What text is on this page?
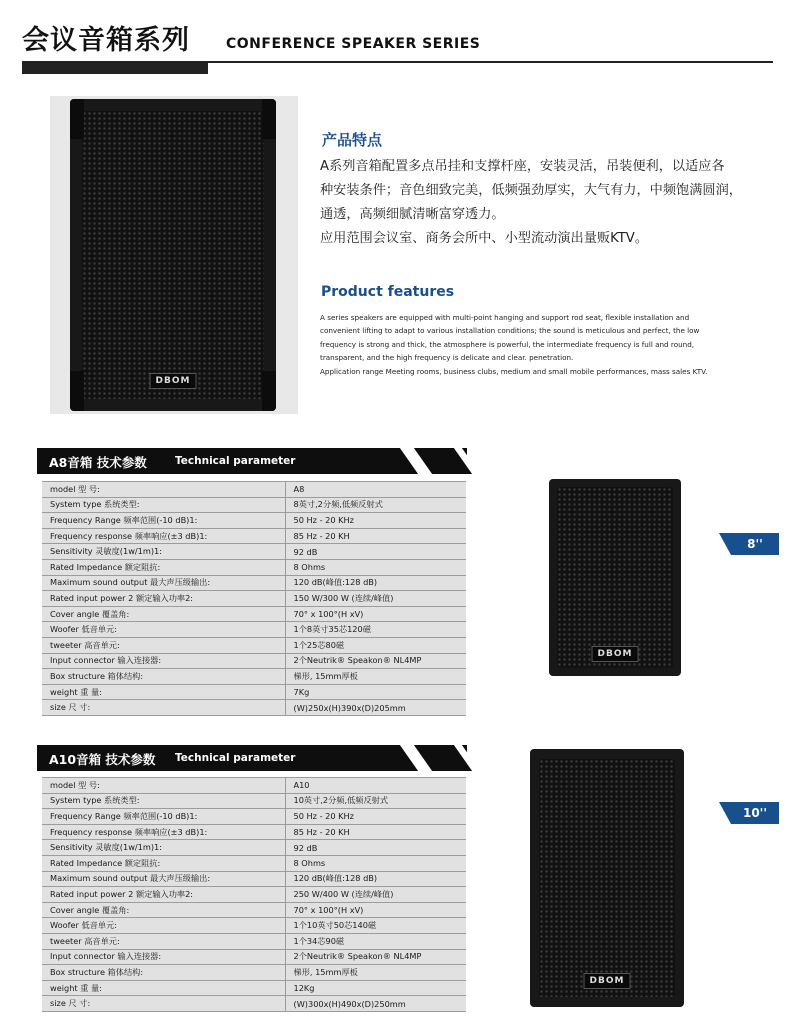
会议音箱系列	CONFERENCE SPEAKER SERIES
DBOM
产品特点

A系列音箱配置多点吊挂和支撑杆座，安装灵活，吊装便利，以适应各

种安装条件；音色细致完美，低频强劲厚实，大气有力，中频饱满圆润，

通透，高频细腻清晰富穿透力。

应用范围会议室、商务会所中、小型流动演出量贩KTV。

Product features

A series speakers are equipped with multi-point hanging and support rod seat, flexible installation and

convenient lifting to adapt to various installation conditions; the sound is meticulous and perfect, the low

frequency is strong and thick, the atmosphere is powerful, the intermediate frequency is full and round,

transparent, and the high frequency is delicate and clear. penetration.

Application range Meeting rooms, business clubs, medium and small mobile performances, mass sales KTV.

A8音箱 技术参数	Technical parameter
model 型 号:	A8
System type 系统类型:	8英寸,2分频,低频反射式
Frequency Range 频率范围(-10 dB)1:	50 Hz - 20 KHz
Frequency response 频率响应(±3 dB)1:	85 Hz - 20 KH
Sensitivity 灵敏度(1w/1m)1:	92 dB
Rated Impedance 额定阻抗:	8 Ohms
Maximum sound output 最大声压级输出:	120 dB(峰值:128 dB)
Rated input power 2 额定输入功率2:	150 W/300 W (连续/峰值)
Cover angle 覆盖角:	70° x 100°(H xV)
Woofer 低音单元:	1个8英寸35芯120磁
tweeter 高音单元:	1个25芯80磁
Input connector 输入连接器:	2个Neutrik® Speakon® NL4MP
Box structure 箱体结构:	梯形, 15mm厚板
weight 重 量:	7Kg
size 尺 寸:	(W)250x(H)390x(D)205mm
DBOM
8''
A10音箱 技术参数 Technical parameter
model 型 号:	A10
System type 系统类型:	10英寸,2分频,低频反射式
Frequency Range 频率范围(-10 dB)1:	50 Hz - 20 KHz
Frequency response 频率响应(±3 dB)1:	85 Hz - 20 KH
Sensitivity 灵敏度(1w/1m)1:	92 dB
Rated Impedance 额定阻抗:	8 Ohms
Maximum sound output 最大声压级输出:	120 dB(峰值:128 dB)
Rated input power 2 额定输入功率2:	250 W/400 W (连续/峰值)
Cover angle 覆盖角:	70° x 100°(H xV)
Woofer 低音单元:	1个10英寸50芯140磁
tweeter 高音单元:	1个34芯90磁
Input connector 输入连接器:	2个Neutrik® Speakon® NL4MP
Box structure 箱体结构:	梯形, 15mm厚板
weight 重 量:	12Kg
size 尺 寸:	(W)300x(H)490x(D)250mm
DBOM
10''
